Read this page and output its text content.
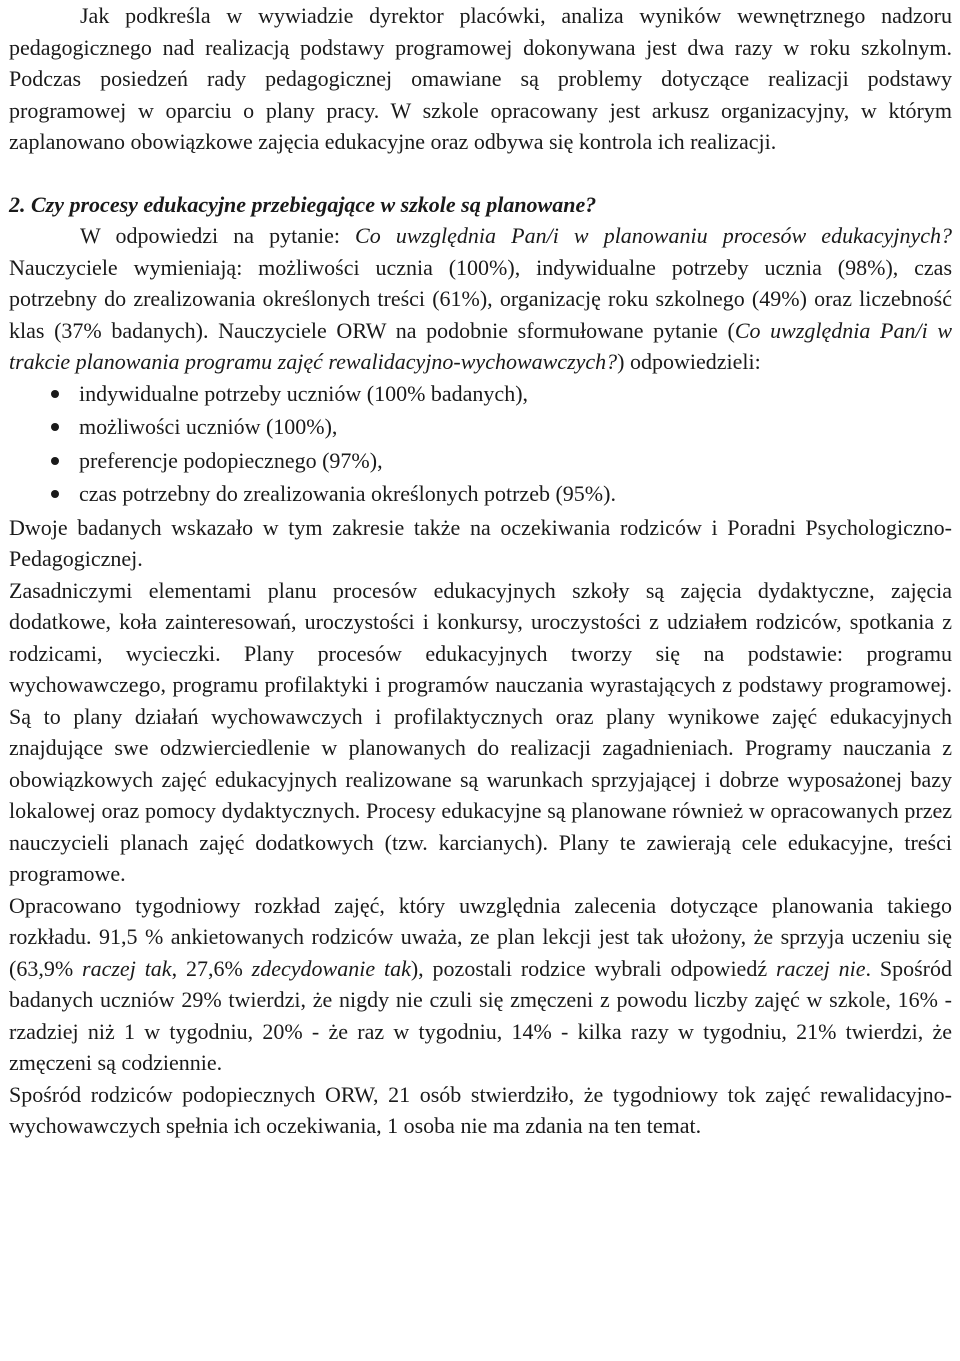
Jak podkreśla w wywiadzie dyrektor placówki, analiza wyników wewnętrznego nadzoru pedagogicznego nad realizacją podstawy programowej dokonywana jest dwa razy w roku szkolnym. Podczas posiedzeń rady pedagogicznej omawiane są problemy dotyczące realizacji podstawy programowej w oparciu o plany pracy. W szkole opracowany jest arkusz organizacyjny, w którym zaplanowano obowiązkowe zajęcia edukacyjne oraz odbywa się kontrola ich realizacji.

2. Czy procesy edukacyjne przebiegające w szkole są planowane?

W odpowiedzi na pytanie: Co uwzględnia Pan/i w planowaniu procesów edukacyjnych? Nauczyciele wymieniają: możliwości ucznia (100%), indywidualne potrzeby ucznia (98%), czas potrzebny do zrealizowania określonych treści (61%), organizację roku szkolnego (49%) oraz liczebność klas (37% badanych). Nauczyciele ORW na podobnie sformułowane pytanie (Co uwzględnia Pan/i w trakcie planowania programu zajęć rewalidacyjno-wychowawczych?) odpowiedzieli:

indywidualne potrzeby uczniów (100% badanych),
możliwości uczniów (100%),
preferencje podopiecznego (97%),
czas potrzebny do zrealizowania określonych potrzeb (95%).

Dwoje badanych wskazało w tym zakresie także na oczekiwania rodziców i Poradni Psychologiczno-Pedagogicznej.

Zasadniczymi elementami planu procesów edukacyjnych szkoły są zajęcia dydaktyczne, zajęcia dodatkowe, koła zainteresowań, uroczystości i konkursy, uroczystości z udziałem rodziców, spotkania z rodzicami, wycieczki. Plany procesów edukacyjnych tworzy się na podstawie: programu wychowawczego, programu profilaktyki i programów nauczania wyrastających z podstawy programowej. Są to plany działań wychowawczych i profilaktycznych oraz plany wynikowe zajęć edukacyjnych znajdujące swe odzwierciedlenie w planowanych do realizacji zagadnieniach. Programy nauczania z obowiązkowych zajęć edukacyjnych realizowane są warunkach sprzyjającej i dobrze wyposażonej bazy lokalowej oraz pomocy dydaktycznych. Procesy edukacyjne są planowane również w opracowanych przez nauczycieli planach zajęć dodatkowych (tzw. karcianych). Plany te zawierają cele edukacyjne, treści programowe.

Opracowano tygodniowy rozkład zajęć, który uwzględnia zalecenia dotyczące planowania takiego rozkładu. 91,5 % ankietowanych rodziców uważa, ze plan lekcji jest tak ułożony, że sprzyja uczeniu się (63,9% raczej tak, 27,6% zdecydowanie tak), pozostali rodzice wybrali odpowiedź raczej nie. Spośród badanych uczniów 29% twierdzi, że nigdy nie czuli się zmęczeni z powodu liczby zajęć w szkole, 16% - rzadziej niż 1 w tygodniu, 20% - że raz w tygodniu, 14% - kilka razy w tygodniu, 21% twierdzi, że zmęczeni są codziennie.

Spośród rodziców podopiecznych ORW, 21 osób stwierdziło, że tygodniowy tok zajęć rewalidacyjno-wychowawczych spełnia ich oczekiwania, 1 osoba nie ma zdania na ten temat.
